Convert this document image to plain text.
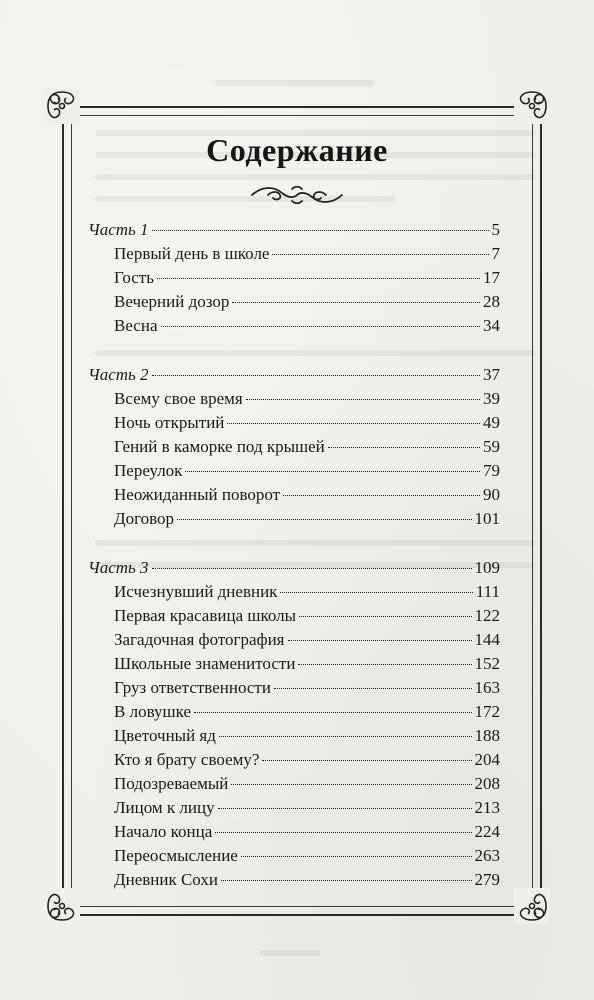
Содержание
Часть 1	5
Первый день в школе	7
Гость	17
Вечерний дозор	28
Весна	34
Часть 2	37
Всему свое время	39
Ночь открытий	49
Гений в каморке под крышей	59
Переулок	79
Неожиданный поворот	90
Договор	101
Часть 3	109
Исчезнувший дневник	111
Первая красавица школы	122
Загадочная фотография	144
Школьные знаменитости	152
Груз ответственности	163
В ловушке	172
Цветочный яд	188
Кто я брату своему?	204
Подозреваемый	208
Лицом к лицу	213
Начало конца	224
Переосмысление	263
Дневник Сохи	279
